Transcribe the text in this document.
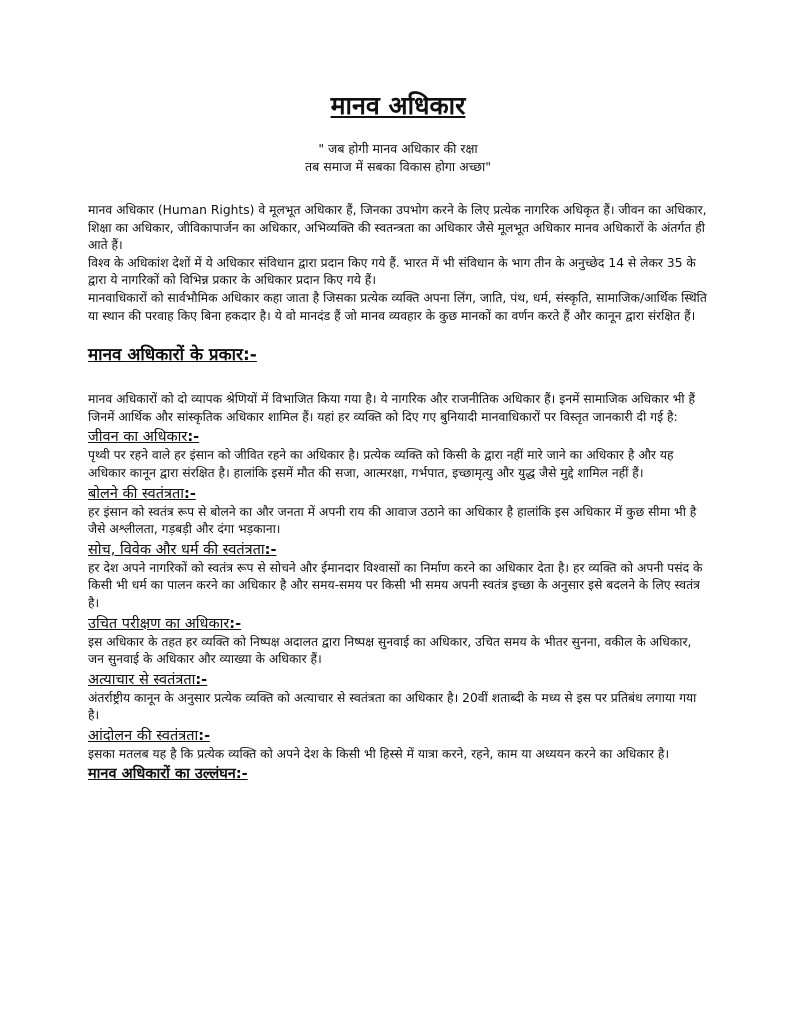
मानव अधिकार
" जब होगी मानव अधिकार की रक्षा
तब समाज में सबका विकास होगा अच्छा"

मानव अधिकार (Human Rights) वे मूलभूत अधिकार हैं, जिनका उपभोग करने के लिए प्रत्येक नागरिक अधिकृत हैं। जीवन का अधिकार, शिक्षा का अधिकार, जीविकापार्जन का अधिकार, अभिव्यक्ति की स्वतन्त्रता का अधिकार जैसे मूलभूत अधिकार मानव अधिकारों के अंतर्गत ही आते हैं।

विश्व के अधिकांश देशों में ये अधिकार संविधान द्वारा प्रदान किए गये हैं. भारत में भी संविधान के भाग तीन के अनुच्छेद 14 से लेकर 35 के द्वारा ये नागरिकों को विभिन्न प्रकार के अधिकार प्रदान किए गये हैं।

मानवाधिकारों को सार्वभौमिक अधिकार कहा जाता है जिसका प्रत्येक व्यक्ति अपना लिंग, जाति, पंथ, धर्म, संस्कृति, सामाजिक/आर्थिक स्थिति या स्थान की परवाह किए बिना हकदार है। ये वो मानदंड हैं जो मानव व्यवहार के कुछ मानकों का वर्णन करते हैं और कानून द्वारा संरक्षित हैं।

मानव अधिकारों के प्रकार:-

मानव अधिकारों को दो व्यापक श्रेणियों में विभाजित किया गया है। ये नागरिक और राजनीतिक अधिकार हैं। इनमें सामाजिक अधिकार भी हैं जिनमें आर्थिक और सांस्कृतिक अधिकार शामिल हैं। यहां हर व्यक्ति को दिए गए बुनियादी मानवाधिकारों पर विस्तृत जानकारी दी गई है:

जीवन का अधिकार:-

पृथ्वी पर रहने वाले हर इंसान को जीवित रहने का अधिकार है। प्रत्येक व्यक्ति को किसी के द्वारा नहीं मारे जाने का अधिकार है और यह अधिकार कानून द्वारा संरक्षित है। हालांकि इसमें मौत की सजा, आत्मरक्षा, गर्भपात, इच्छामृत्यु और युद्ध जैसे मुद्दे शामिल नहीं हैं।

बोलने की स्वतंत्रता:-

हर इंसान को स्वतंत्र रूप से बोलने का और जनता में अपनी राय की आवाज उठाने का अधिकार है हालांकि इस अधिकार में कुछ सीमा भी है जैसे अश्लीलता, गड़बड़ी और दंगा भड़काना।

सोच, विवेक और धर्म की स्वतंत्रता:-

हर देश अपने नागरिकों को स्वतंत्र रूप से सोचने और ईमानदार विश्वासों का निर्माण करने का अधिकार देता है। हर व्यक्ति को अपनी पसंद के किसी भी धर्म का पालन करने का अधिकार है और समय-समय पर किसी भी समय अपनी स्वतंत्र इच्छा के अनुसार इसे बदलने के लिए स्वतंत्र है।

उचित परीक्षण का अधिकार:-

इस अधिकार के तहत हर व्यक्ति को निष्पक्ष अदालत द्वारा निष्पक्ष सुनवाई का अधिकार, उचित समय के भीतर सुनना, वकील के अधिकार, जन सुनवाई के अधिकार और व्याख्या के अधिकार हैं।

अत्याचार से स्वतंत्रता:-

अंतर्राष्ट्रीय कानून के अनुसार प्रत्येक व्यक्ति को अत्याचार से स्वतंत्रता का अधिकार है। 20वीं शताब्दी के मध्य से इस पर प्रतिबंध लगाया गया है।

आंदोलन की स्वतंत्रता:-

इसका मतलब यह है कि प्रत्येक व्यक्ति को अपने देश के किसी भी हिस्से में यात्रा करने, रहने, काम या अध्ययन करने का अधिकार है।

मानव अधिकारों का उल्लंघन:-
